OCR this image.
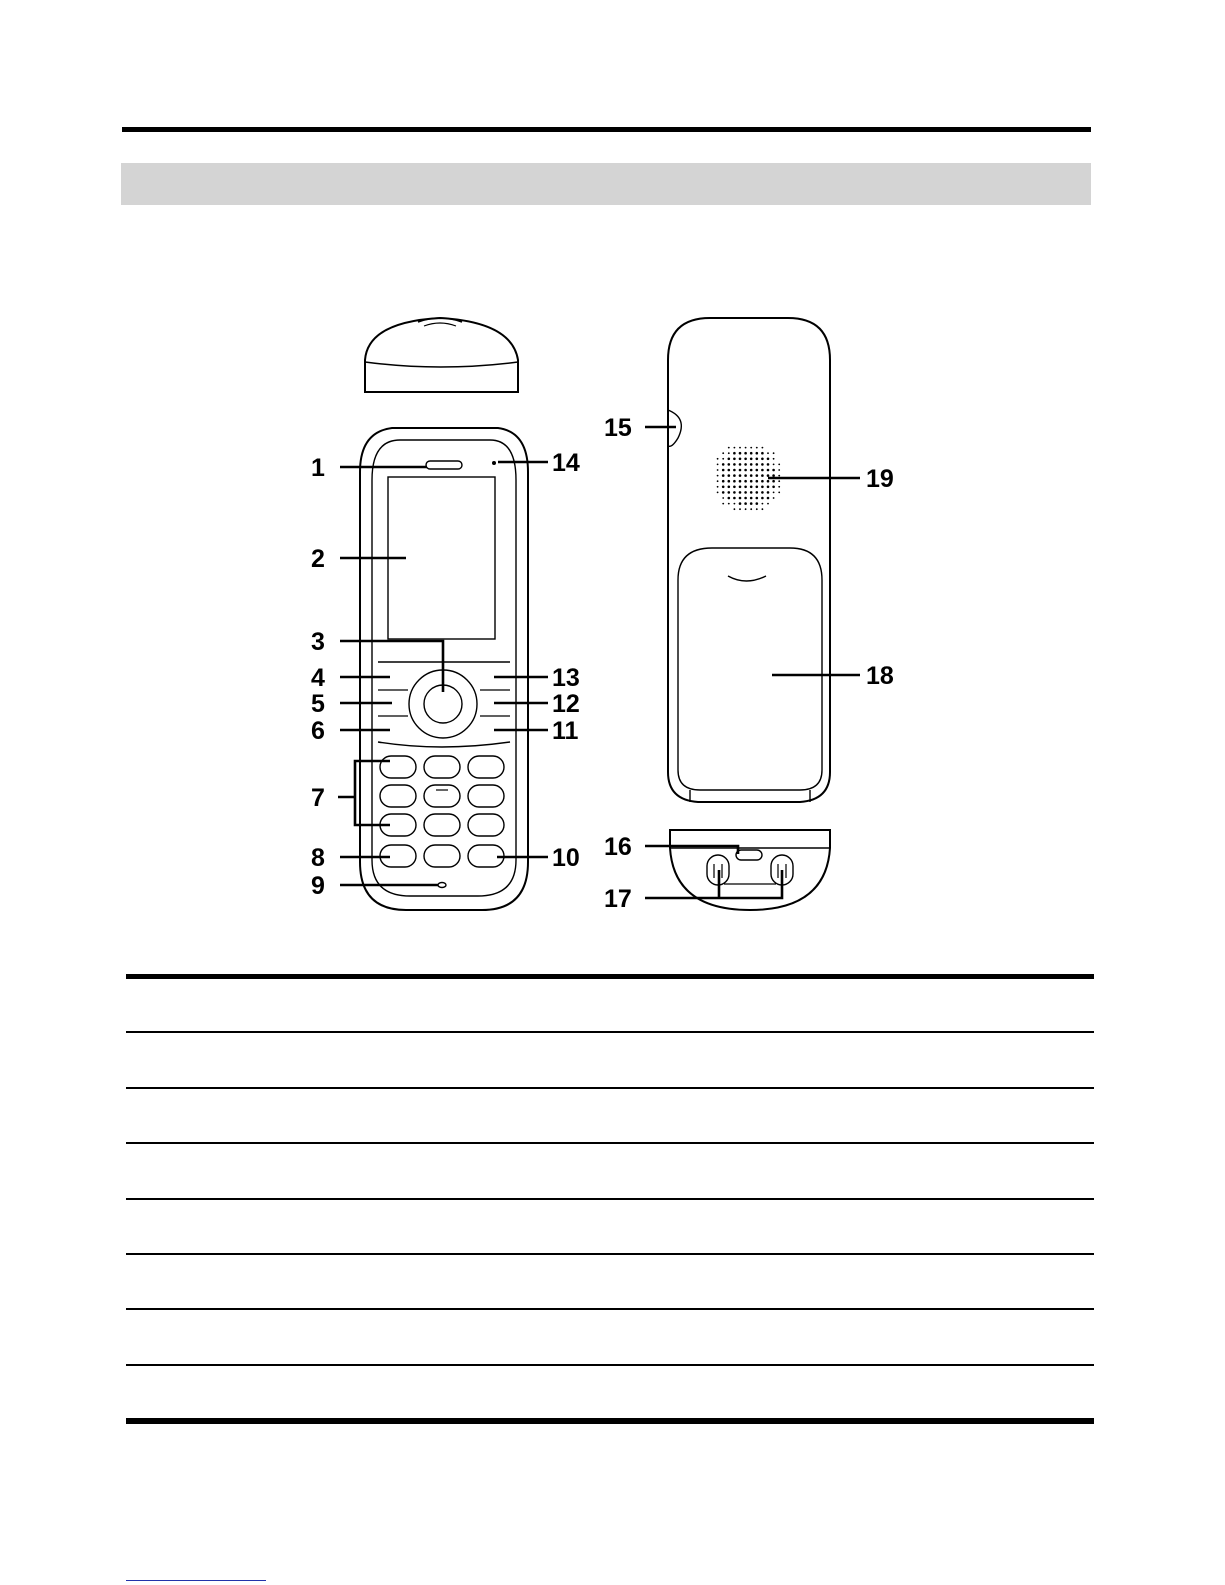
1
2
3
4
5
6
7
8
9
10
11
12
13
14
15
16
17
18
19
